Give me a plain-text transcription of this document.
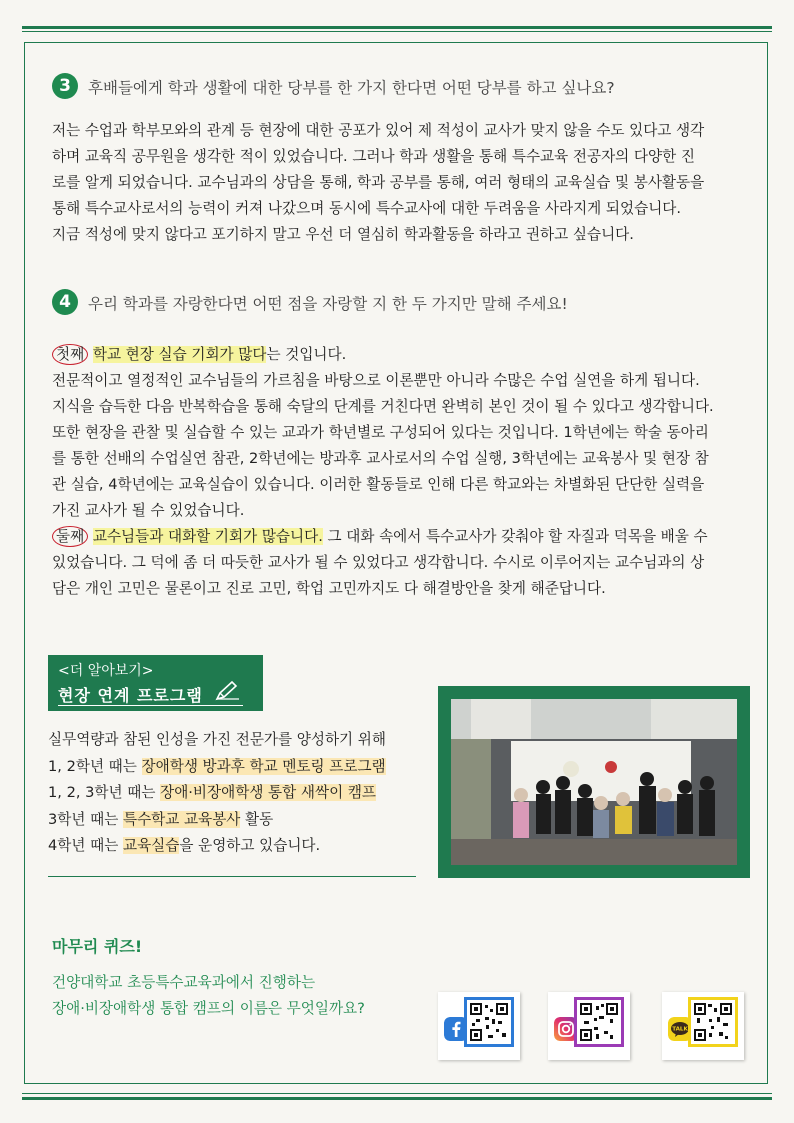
3	후배들에게 학과 생활에 대한 당부를 한 가지 한다면 어떤 당부를 하고 싶나요?

저는 수업과 학부모와의 관계 등 현장에 대한 공포가 있어 제 적성이 교사가 맞지 않을 수도 있다고 생각

하며 교육직 공무원을 생각한 적이 있었습니다. 그러나 학과 생활을 통해 특수교육 전공자의 다양한 진

로를 알게 되었습니다. 교수님과의 상담을 통해, 학과 공부를 통해, 여러 형태의 교육실습 및 봉사활동을

통해 특수교사로서의 능력이 커져 나갔으며 동시에 특수교사에 대한 두려움을 사라지게 되었습니다.

지금 적성에 맞지 않다고 포기하지 말고 우선 더 열심히 학과활동을 하라고 권하고 싶습니다.

4	우리 학과를 자랑한다면 어떤 점을 자랑할 지 한 두 가지만 말해 주세요!

첫째 학교 현장 실습 기회가 많다는 것입니다.

전문적이고 열정적인 교수님들의 가르침을 바탕으로 이론뿐만 아니라 수많은 수업 실연을 하게 됩니다.

지식을 습득한 다음 반복학습을 통해 숙달의 단계를 거친다면 완벽히 본인 것이 될 수 있다고 생각합니다.

또한 현장을 관찰 및 실습할 수 있는 교과가 학년별로 구성되어 있다는 것입니다. 1학년에는 학술 동아리

를 통한 선배의 수업실연 참관, 2학년에는 방과후 교사로서의 수업 실행, 3학년에는 교육봉사 및 현장 참

관 실습, 4학년에는 교육실습이 있습니다. 이러한 활동들로 인해 다른 학교와는 차별화된 단단한 실력을

가진 교사가 될 수 있었습니다.

둘째 교수님들과 대화할 기회가 많습니다. 그 대화 속에서 특수교사가 갖춰야 할 자질과 덕목을 배울 수

있었습니다. 그 덕에 좀 더 따듯한 교사가 될 수 있었다고 생각합니다. 수시로 이루어지는 교수님과의 상

담은 개인 고민은 물론이고 진로 고민, 학업 고민까지도 다 해결방안을 찾게 해준답니다.

<더 알아보기>
현장 연계 프로그램

실무역량과 참된 인성을 가진 전문가를 양성하기 위해

1, 2학년 때는 장애학생 방과후 학교 멘토링 프로그램

1, 2, 3학년 때는 장애·비장애학생 통합 새싹이 캠프

3학년 때는 특수학교 교육봉사 활동

4학년 때는 교육실습을 운영하고 있습니다.

마무리 퀴즈!

건양대학교 초등특수교육과에서 진행하는

장애·비장애학생 통합 캠프의 이름은 무엇일까요?

TALK
